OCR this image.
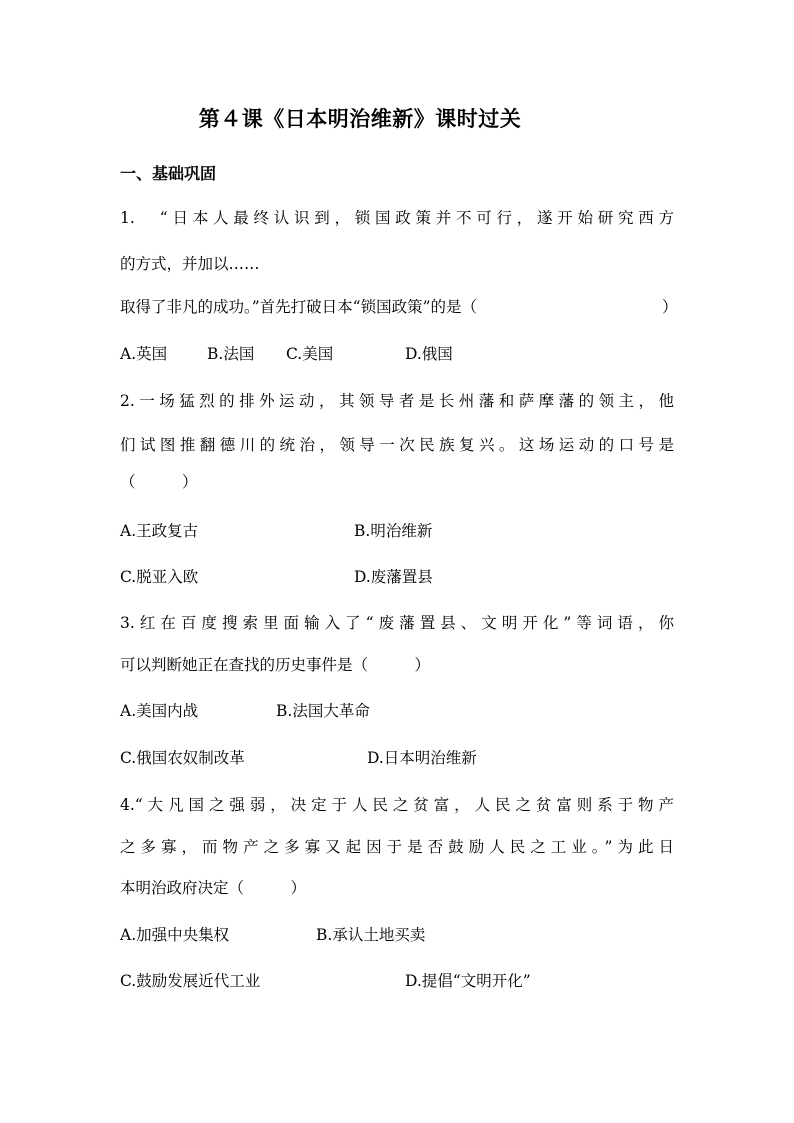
第４课《日本明治维新》课时过关
一、基础巩固
1.　“日本人最终认识到，锁国政策并不可行，遂开始研究西方
的方式，并加以……
取得了非凡的成功。”首先打破日本“锁国政策”的是（	）
A.英国	B.法国 C.美国	D.俄国
2.一场猛烈的排外运动，其领导者是长州藩和萨摩藩的领主，他
们试图推翻德川的统治，领导一次民族复兴。这场运动的口号是
（　　　）
A.王政复古	B.明治维新
C.脱亚入欧	D.废藩置县
3.红在百度搜索里面输入了“废藩置县、文明开化”等词语，你
可以判断她正在查找的历史事件是（　　　）
A.美国内战	B.法国大革命
C.俄国农奴制改革	D.日本明治维新
4.“大凡国之强弱，决定于人民之贫富，人民之贫富则系于物产
之多寡，而物产之多寡又起因于是否鼓励人民之工业。”为此日
本明治政府决定（　　　）
A.加强中央集权	B.承认土地买卖
C.鼓励发展近代工业	D.提倡“文明开化”
